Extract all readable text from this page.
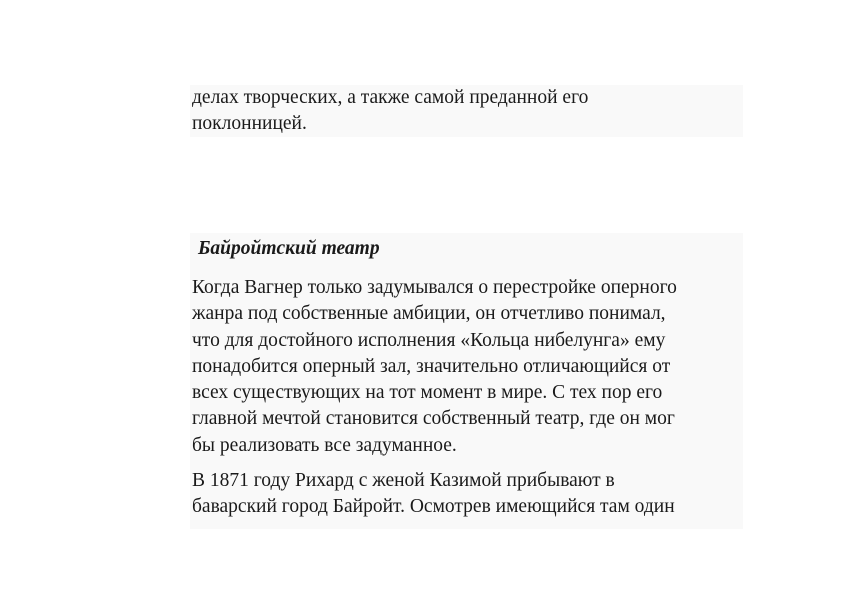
делах творческих, а также самой преданной его
поклонницей.
Байройтский театр
Когда Вагнер только задумывался о перестройке оперного
жанра под собственные амбиции, он отчетливо понимал,
что для достойного исполнения «Кольца нибелунга» ему
понадобится оперный зал, значительно отличающийся от
всех существующих на тот момент в мире. С тех пор его
главной мечтой становится собственный театр, где он мог
бы реализовать все задуманное.
В 1871 году Рихард с женой Казимой прибывают в
баварский город Байройт. Осмотрев имеющийся там один
